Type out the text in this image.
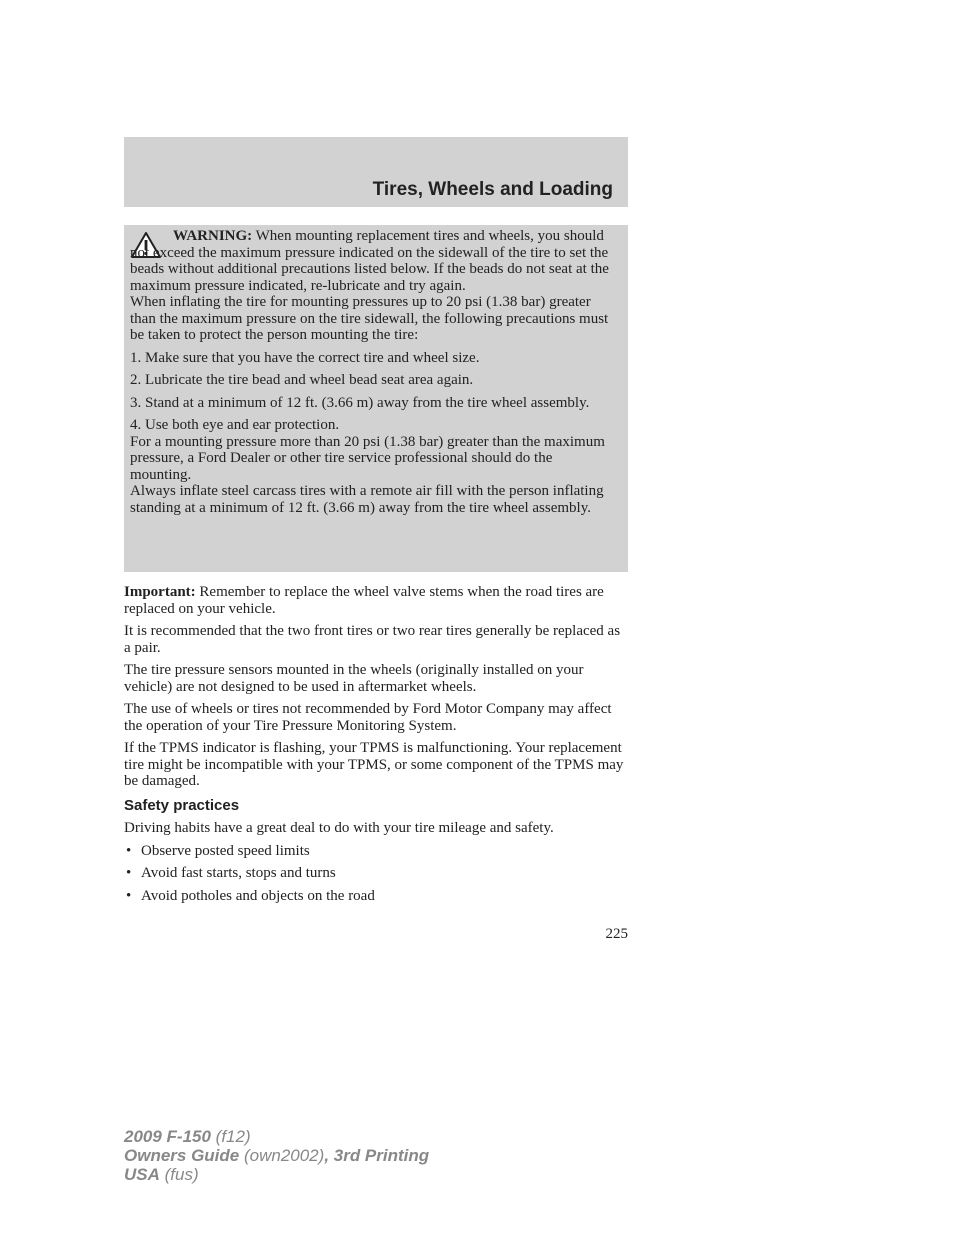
Tires, Wheels and Loading

WARNING: When mounting replacement tires and wheels, you should not exceed the maximum pressure indicated on the sidewall of the tire to set the beads without additional precautions listed below. If the beads do not seat at the maximum pressure indicated, re-lubricate and try again.

When inflating the tire for mounting pressures up to 20 psi (1.38 bar) greater than the maximum pressure on the tire sidewall, the following precautions must be taken to protect the person mounting the tire:

1. Make sure that you have the correct tire and wheel size.

2. Lubricate the tire bead and wheel bead seat area again.

3. Stand at a minimum of 12 ft. (3.66 m) away from the tire wheel assembly.

4. Use both eye and ear protection.

For a mounting pressure more than 20 psi (1.38 bar) greater than the maximum pressure, a Ford Dealer or other tire service professional should do the mounting.

Always inflate steel carcass tires with a remote air fill with the person inflating standing at a minimum of 12 ft. (3.66 m) away from the tire wheel assembly.

Important: Remember to replace the wheel valve stems when the road tires are replaced on your vehicle.

It is recommended that the two front tires or two rear tires generally be replaced as a pair.

The tire pressure sensors mounted in the wheels (originally installed on your vehicle) are not designed to be used in aftermarket wheels.

The use of wheels or tires not recommended by Ford Motor Company may affect the operation of your Tire Pressure Monitoring System.

If the TPMS indicator is flashing, your TPMS is malfunctioning. Your replacement tire might be incompatible with your TPMS, or some component of the TPMS may be damaged.

Safety practices

Driving habits have a great deal to do with your tire mileage and safety.

• Observe posted speed limits
• Avoid fast starts, stops and turns
• Avoid potholes and objects on the road
225
2009 F-150 (f12)
Owners Guide (own2002), 3rd Printing
USA (fus)
